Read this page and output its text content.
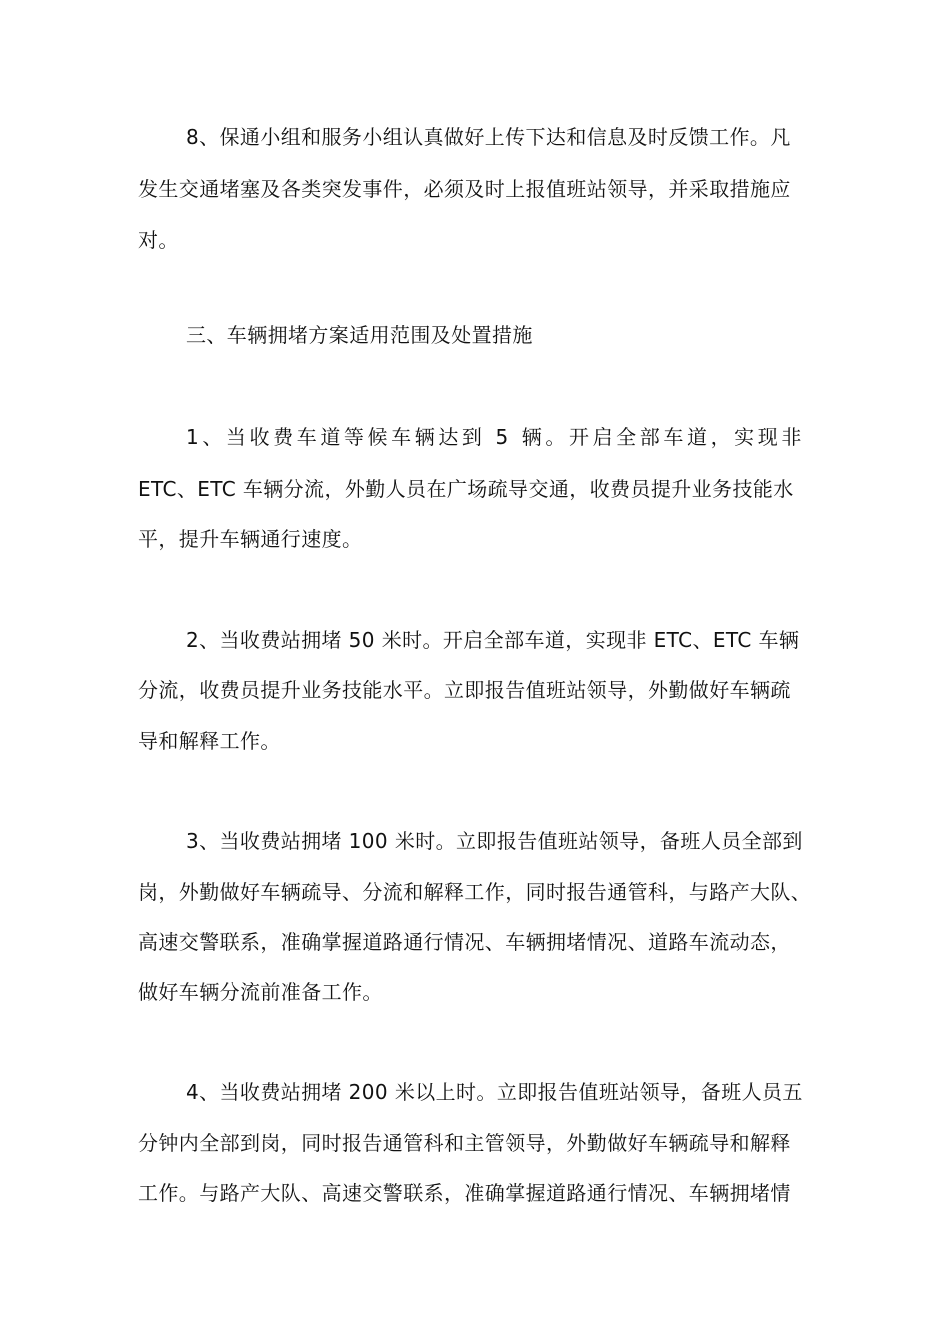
8、保通小组和服务小组认真做好上传下达和信息及时反馈工作。凡
发生交通堵塞及各类突发事件，必须及时上报值班站领导，并采取措施应
对。
三、车辆拥堵方案适用范围及处置措施
1、当收费车道等候车辆达到 5 辆。开启全部车道，实现非
ETC、ETC 车辆分流，外勤人员在广场疏导交通，收费员提升业务技能水
平，提升车辆通行速度。
2、当收费站拥堵 50 米时。开启全部车道，实现非 ETC、ETC 车辆
分流，收费员提升业务技能水平。立即报告值班站领导，外勤做好车辆疏
导和解释工作。
3、当收费站拥堵 100 米时。立即报告值班站领导，备班人员全部到
岗，外勤做好车辆疏导、分流和解释工作，同时报告通管科，与路产大队、
高速交警联系，准确掌握道路通行情况、车辆拥堵情况、道路车流动态，
做好车辆分流前准备工作。
4、当收费站拥堵 200 米以上时。立即报告值班站领导，备班人员五
分钟内全部到岗，同时报告通管科和主管领导，外勤做好车辆疏导和解释
工作。与路产大队、高速交警联系，准确掌握道路通行情况、车辆拥堵情
